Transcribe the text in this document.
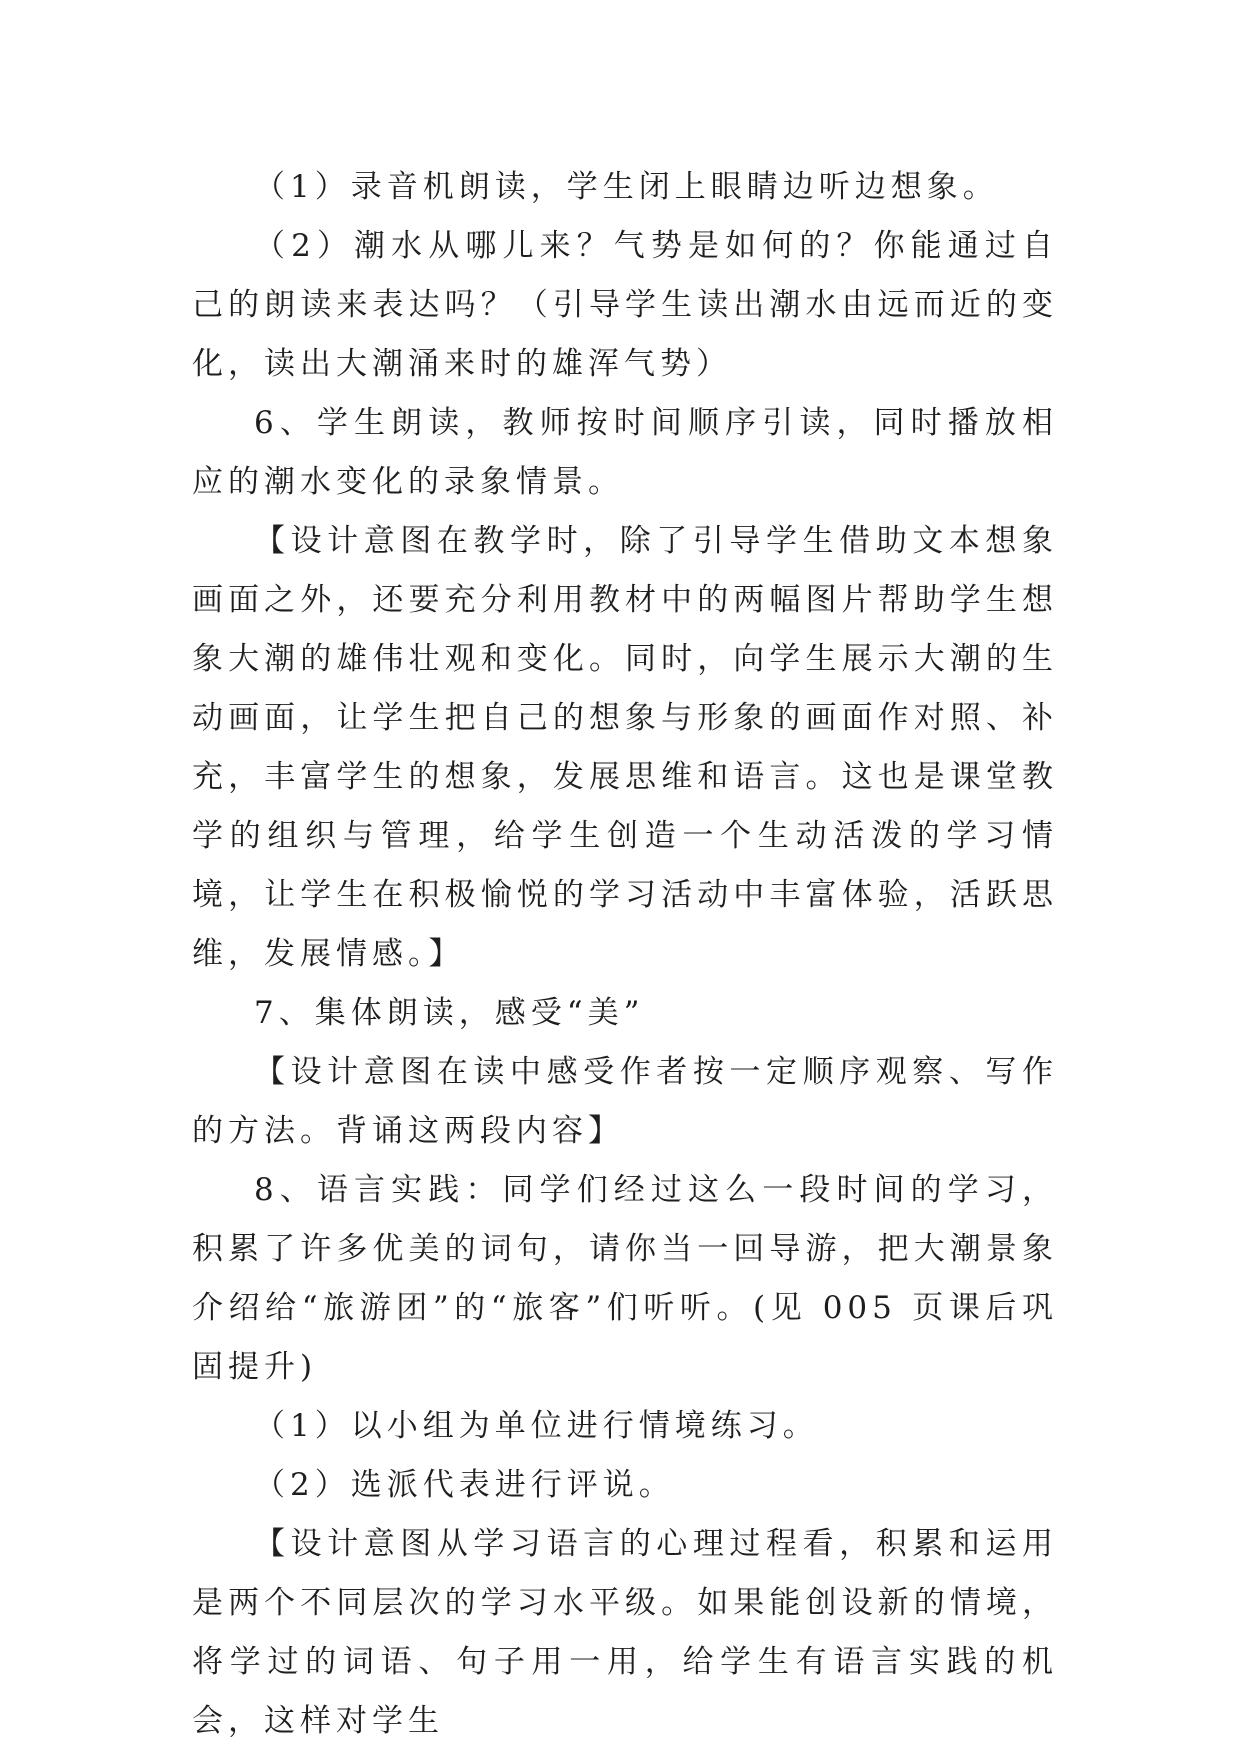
（1）录音机朗读，学生闭上眼睛边听边想象。

（2）潮水从哪儿来？气势是如何的？你能通过自己的朗读来表达吗？（引导学生读出潮水由远而近的变化，读出大潮涌来时的雄浑气势）

6、学生朗读，教师按时间顺序引读，同时播放相应的潮水变化的录象情景。

【设计意图在教学时，除了引导学生借助文本想象画面之外，还要充分利用教材中的两幅图片帮助学生想象大潮的雄伟壮观和变化。同时，向学生展示大潮的生动画面，让学生把自己的想象与形象的画面作对照、补充，丰富学生的想象，发展思维和语言。这也是课堂教学的组织与管理，给学生创造一个生动活泼的学习情境，让学生在积极愉悦的学习活动中丰富体验，活跃思维，发展情感。】

7、集体朗读，感受“美”

【设计意图在读中感受作者按一定顺序观察、写作的方法。背诵这两段内容】

8、语言实践：同学们经过这么一段时间的学习，积累了许多优美的词句，请你当一回导游，把大潮景象介绍给“旅游团”的“旅客”们听听。(见 005 页课后巩固提升)

（1）以小组为单位进行情境练习。

（2）选派代表进行评说。

【设计意图从学习语言的心理过程看，积累和运用是两个不同层次的学习水平级。如果能创设新的情境，将学过的词语、句子用一用，给学生有语言实践的机会，这样对学生
